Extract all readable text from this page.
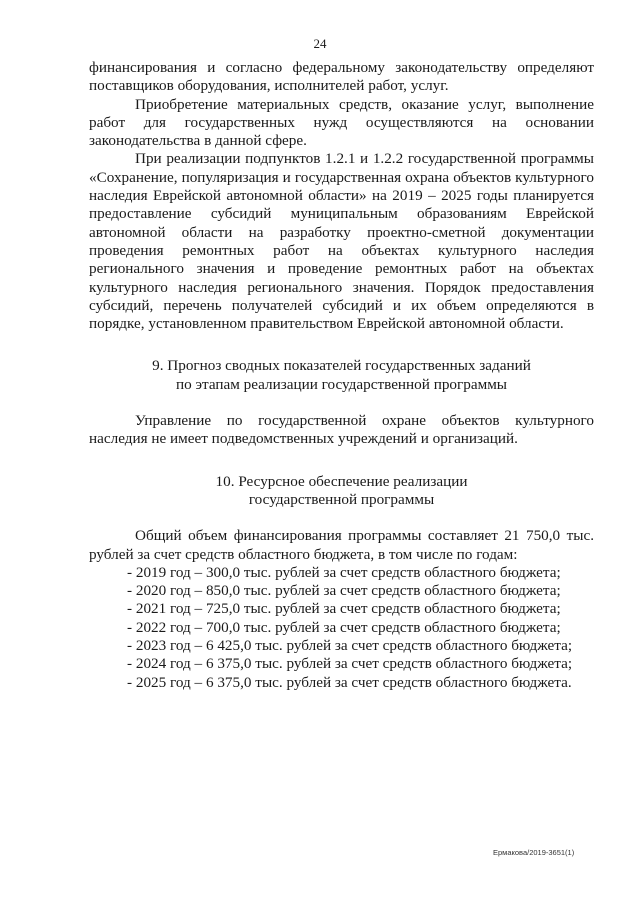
24

финансирования и согласно федеральному законодательству определяют поставщиков оборудования, исполнителей работ, услуг.

Приобретение материальных средств, оказание услуг, выполнение работ для государственных нужд осуществляются на основании законодательства в данной сфере.

При реализации подпунктов 1.2.1 и 1.2.2 государственной программы «Сохранение, популяризация и государственная охрана объектов культурного наследия Еврейской автономной области» на 2019 – 2025 годы планируется предоставление субсидий муниципальным образованиям Еврейской автономной области на разработку проектно-сметной документации проведения ремонтных работ на объектах культурного наследия регионального значения и проведение ремонтных работ на объектах культурного наследия регионального значения. Порядок предоставления субсидий, перечень получателей субсидий и их объем определяются в порядке, установленном правительством Еврейской автономной области.

9. Прогноз сводных показателей государственных заданий
по этапам реализации государственной программы

Управление по государственной охране объектов культурного наследия не имеет подведомственных учреждений и организаций.

10. Ресурсное обеспечение реализации
государственной программы

Общий объем финансирования программы составляет 21 750,0 тыс. рублей за счет средств областного бюджета, в том числе по годам:

- 2019 год – 300,0 тыс. рублей за счет средств областного бюджета;
- 2020 год – 850,0 тыс. рублей за счет средств областного бюджета;
- 2021 год – 725,0 тыс. рублей за счет средств областного бюджета;
- 2022 год – 700,0 тыс. рублей за счет средств областного бюджета;
- 2023 год – 6 425,0 тыс. рублей за счет средств областного бюджета;
- 2024 год – 6 375,0 тыс. рублей за счет средств областного бюджета;
- 2025 год – 6 375,0 тыс. рублей за счет средств областного бюджета.
Ермакова/2019-3651(1)
